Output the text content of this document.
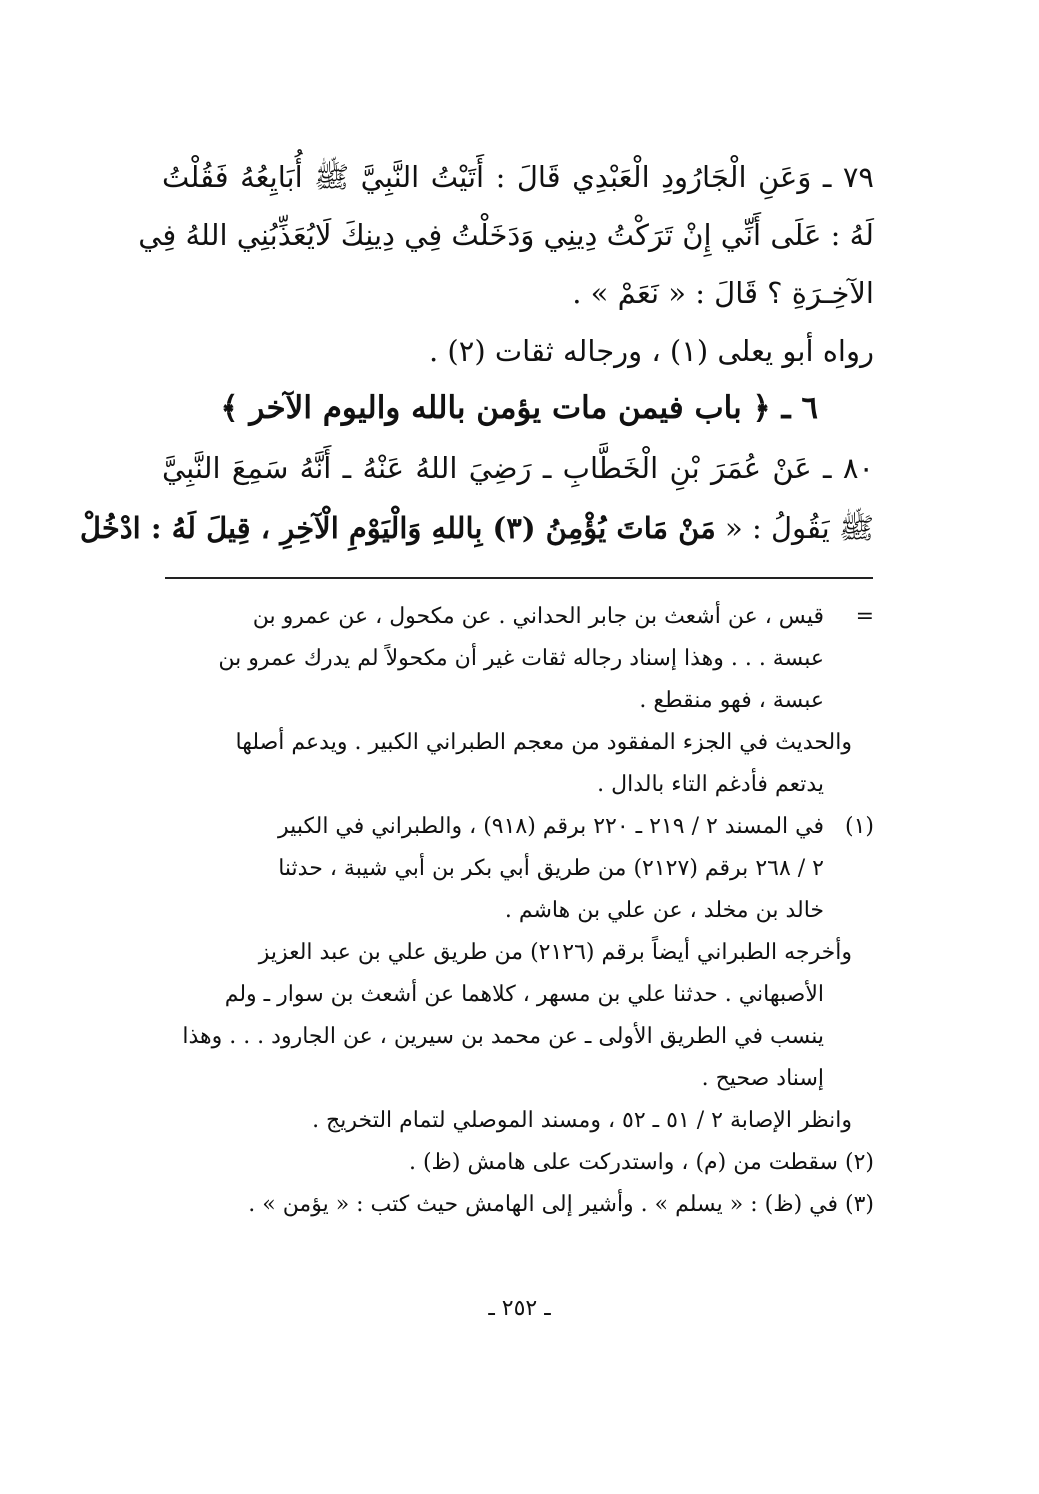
٧٩ ـ وَعَنِ الْجَارُودِ الْعَبْدِي قَالَ : أَتَيْتُ النَّبِيَّ ﷺ أُبَايِعُهُ فَقُلْتُ
لَهُ : عَلَى أَنِّي إِنْ تَرَكْتُ دِينِي وَدَخَلْتُ فِي دِينِكَ لَايُعَذِّبُنِي اللهُ فِي
الآخِـرَةِ ؟ قَالَ : « نَعَمْ » .
رواه أبو يعلى (١) ، ورجاله ثقات (٢) .
٦ ـ ﴿ باب فيمن مات يؤمن بالله واليوم الآخر ﴾
٨٠ ـ عَنْ عُمَرَ بْنِ الْخَطَّابِ ـ رَضِيَ اللهُ عَنْهُ ـ أَنَّهُ سَمِعَ النَّبِيَّ
ﷺ يَقُولُ : « مَنْ مَاتَ يُؤْمِنُ (٣) بِاللهِ وَالْيَوْمِ الْآخِرِ ، قِيلَ لَهُ : ادْخُلْ
=قيس ، عن أشعث بن جابر الحداني . عن مكحول ، عن عمرو بن
عبسة . . . وهذا إسناد رجاله ثقات غير أن مكحولاً لم يدرك عمرو بن
عبسة ، فهو منقطع .
والحديث في الجزء المفقود من معجم الطبراني الكبير . ويدعم أصلها
يدتعم فأدغم التاء بالدال .
(١)في المسند ٢ / ٢١٩ ـ ٢٢٠ برقم (٩١٨) ، والطبراني في الكبير
٢ / ٢٦٨ برقم (٢١٢٧) من طريق أبي بكر بن أبي شيبة ، حدثنا
خالد بن مخلد ، عن علي بن هاشم .
وأخرجه الطبراني أيضاً برقم (٢١٢٦) من طريق علي بن عبد العزيز
الأصبهاني . حدثنا علي بن مسهر ، كلاهما عن أشعث بن سوار ـ ولم
ينسب في الطريق الأولى ـ عن محمد بن سيرين ، عن الجارود . . . وهذا
إسناد صحيح .
وانظر الإصابة ٢ / ٥١ ـ ٥٢ ، ومسند الموصلي لتمام التخريج .
(٢) سقطت من (م) ، واستدركت على هامش (ظ) .
(٣) في (ظ) : « يسلم » . وأشير إلى الهامش حيث كتب : « يؤمن » .
ـ ٢٥٢ ـ
